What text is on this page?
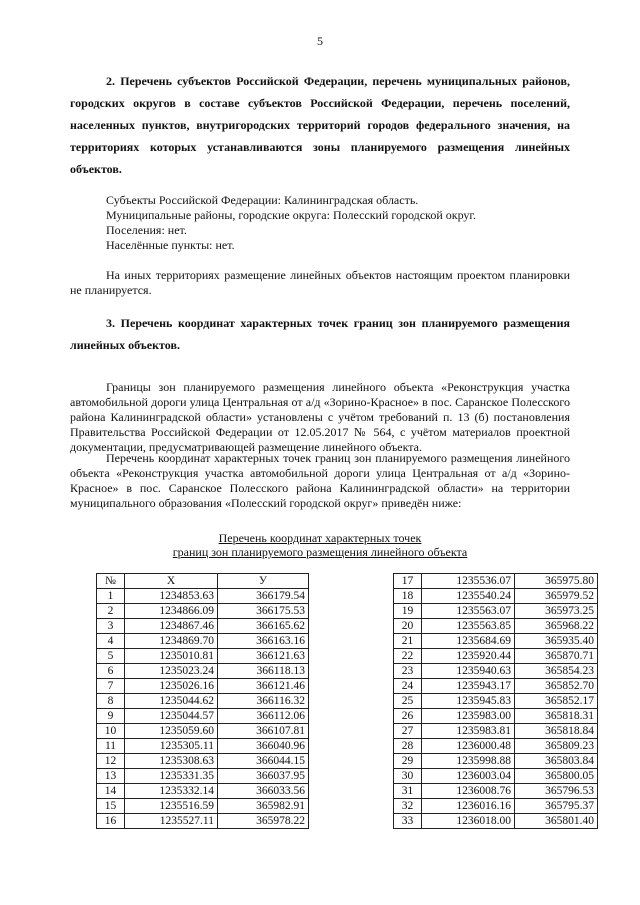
5

2. Перечень субъектов Российской Федерации, перечень муниципальных районов, городских округов в составе субъектов Российской Федерации, перечень поселений, населенных пунктов, внутригородских территорий городов федерального значения, на территориях которых устанавливаются зоны планируемого размещения линейных объектов.

Субъекты Российской Федерации: Калининградская область.
Муниципальные районы, городские округа: Полесский городской округ.
Поселения: нет.
Населённые пункты: нет.

На иных территориях размещение линейных объектов настоящим проектом планировки не планируется.

3. Перечень координат характерных точек границ зон планируемого размещения линейных объектов.

Границы зон планируемого размещения линейного объекта «Реконструкция участка автомобильной дороги улица Центральная от а/д «Зорино-Красное» в пос. Саранское Полесского района Калининградской области» установлены с учётом требований п. 13 (б) постановления Правительства Российской Федерации от 12.05.2017 № 564, с учётом материалов проектной документации, предусматривающей размещение линейного объекта.

Перечень координат характерных точек границ зон планируемого размещения линейного объекта «Реконструкция участка автомобильной дороги улица Центральная от а/д «Зорино-Красное» в пос. Саранское Полесского района Калининградской области» на территории муниципального образования «Полесский городской округ» приведён ниже:

Перечень координат характерных точек
границ зон планируемого размещения линейного объекта
№	X	У
1	1234853.63	366179.54
2	1234866.09	366175.53
3	1234867.46	366165.62
4	1234869.70	366163.16
5	1235010.81	366121.63
6	1235023.24	366118.13
7	1235026.16	366121.46
8	1235044.62	366116.32
9	1235044.57	366112.06
10	1235059.60	366107.81
11	1235305.11	366040.96
12	1235308.63	366044.15
13	1235331.35	366037.95
14	1235332.14	366033.56
15	1235516.59	365982.91
16	1235527.11	365978.22
17	1235536.07	365975.80
18	1235540.24	365979.52
19	1235563.07	365973.25
20	1235563.85	365968.22
21	1235684.69	365935.40
22	1235920.44	365870.71
23	1235940.63	365854.23
24	1235943.17	365852.70
25	1235945.83	365852.17
26	1235983.00	365818.31
27	1235983.81	365818.84
28	1236000.48	365809.23
29	1235998.88	365803.84
30	1236003.04	365800.05
31	1236008.76	365796.53
32	1236016.16	365795.37
33	1236018.00	365801.40
